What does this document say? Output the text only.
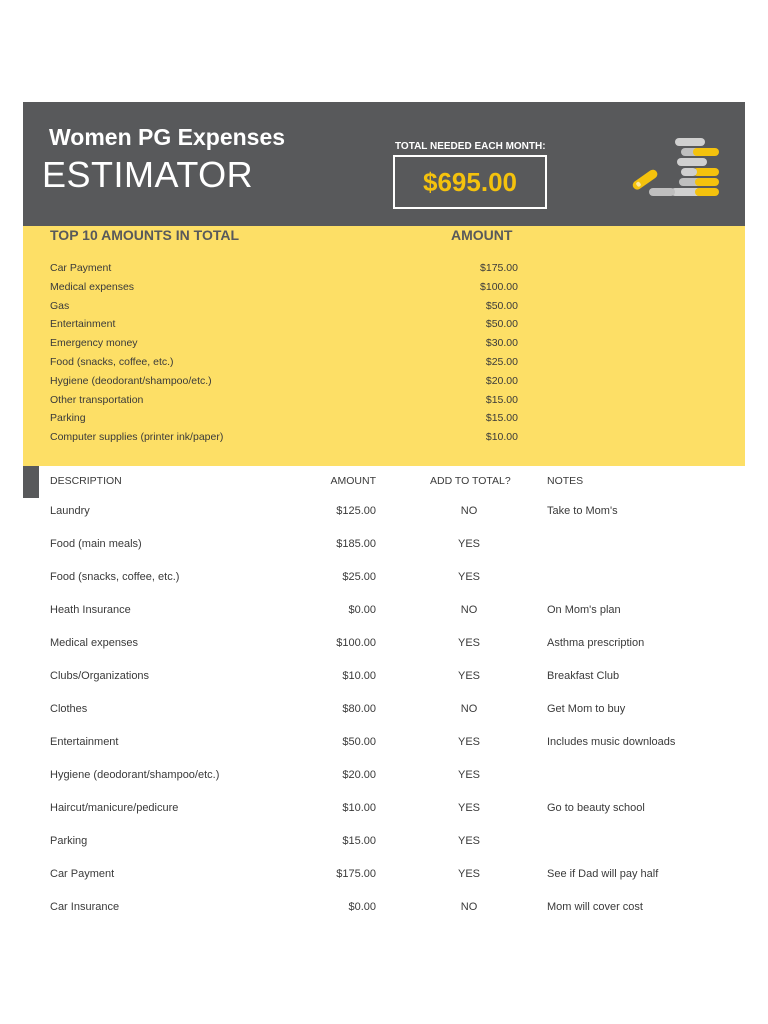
Women PG Expenses
ESTIMATOR
TOTAL NEEDED EACH MONTH:
$695.00
TOP 10 AMOUNTS IN TOTAL	AMOUNT
Car Payment	$175.00
Medical expenses	$100.00
Gas	$50.00
Entertainment	$50.00
Emergency money	$30.00
Food (snacks, coffee, etc.)	$25.00
Hygiene (deodorant/shampoo/etc.)	$20.00
Other transportation	$15.00
Parking	$15.00
Computer supplies (printer ink/paper)	$10.00
DESCRIPTION	AMOUNT	ADD TO TOTAL?	NOTES
Laundry	$125.00	NO	Take to Mom's
Food (main meals)	$185.00	YES
Food (snacks, coffee, etc.)	$25.00	YES
Heath Insurance	$0.00	NO	On Mom's plan
Medical expenses	$100.00	YES	Asthma prescription
Clubs/Organizations	$10.00	YES	Breakfast Club
Clothes	$80.00	NO	Get Mom to buy
Entertainment	$50.00	YES	Includes music downloads
Hygiene (deodorant/shampoo/etc.)	$20.00	YES
Haircut/manicure/pedicure	$10.00	YES	Go to beauty school
Parking	$15.00	YES
Car Payment	$175.00	YES	See if Dad will pay half
Car Insurance	$0.00	NO	Mom will cover cost
